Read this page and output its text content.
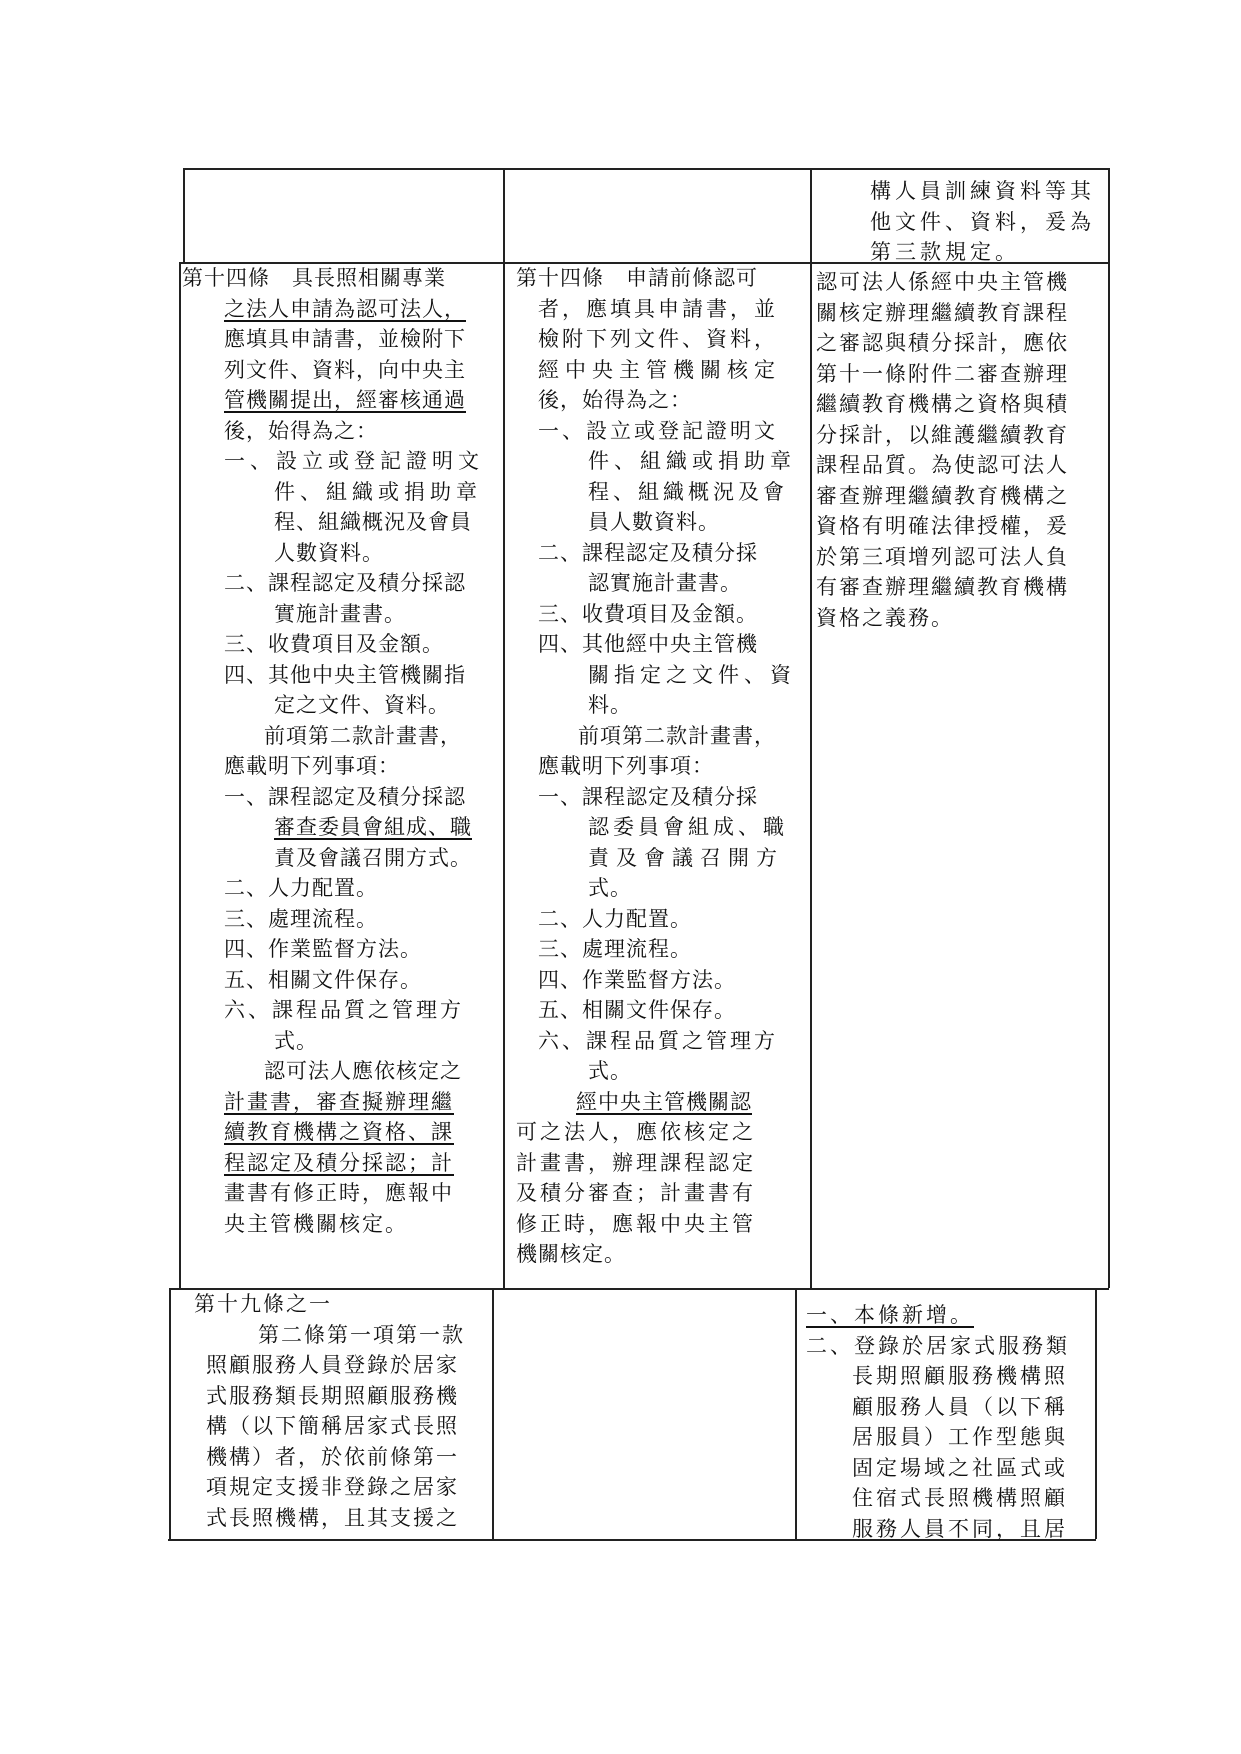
構人員訓練資料等其

他文件、資料，爰為

第三款規定。

第十四條　具長照相關專業

之法人申請為認可法人，

應填具申請書，並檢附下

列文件、資料，向中央主

管機關提出，經審核通過

後，始得為之：

一、設立或登記證明文

件、組織或捐助章

程、組織概況及會員

人數資料。

二、課程認定及積分採認

實施計畫書。

三、收費項目及金額。

四、其他中央主管機關指

定之文件、資料。

前項第二款計畫書，

應載明下列事項：

一、課程認定及積分採認

審查委員會組成、職

責及會議召開方式。

二、人力配置。

三、處理流程。

四、作業監督方法。

五、相關文件保存。

六、課程品質之管理方

式。

認可法人應依核定之

計畫書，審查擬辦理繼

續教育機構之資格、課

程認定及積分採認；計

畫書有修正時，應報中

央主管機關核定。

第十四條　申請前條認可

者，應填具申請書，並

檢附下列文件、資料，

經中央主管機關核定

後，始得為之：

一、設立或登記證明文

件、組織或捐助章

程、組織概況及會

員人數資料。

二、課程認定及積分採

認實施計畫書。

三、收費項目及金額。

四、其他經中央主管機

關指定之文件、資

料。

前項第二款計畫書，

應載明下列事項：

一、課程認定及積分採

認委員會組成、職

責及會議召開方

式。

二、人力配置。

三、處理流程。

四、作業監督方法。

五、相關文件保存。

六、課程品質之管理方

式。

經中央主管機關認

可之法人，應依核定之

計畫書，辦理課程認定

及積分審查；計畫書有

修正時，應報中央主管

機關核定。

認可法人係經中央主管機

關核定辦理繼續教育課程

之審認與積分採計，應依

第十一條附件二審查辦理

繼續教育機構之資格與積

分採計，以維護繼續教育

課程品質。為使認可法人

審查辦理繼續教育機構之

資格有明確法律授權，爰

於第三項增列認可法人負

有審查辦理繼續教育機構

資格之義務。

第十九條之一

第二條第一項第一款

照顧服務人員登錄於居家

式服務類長期照顧服務機

構（以下簡稱居家式長照

機構）者，於依前條第一

項規定支援非登錄之居家

式長照機構，且其支援之

一、本條新增。

二、登錄於居家式服務類

長期照顧服務機構照

顧服務人員（以下稱

居服員）工作型態與

固定場域之社區式或

住宿式長照機構照顧

服務人員不同，且居
